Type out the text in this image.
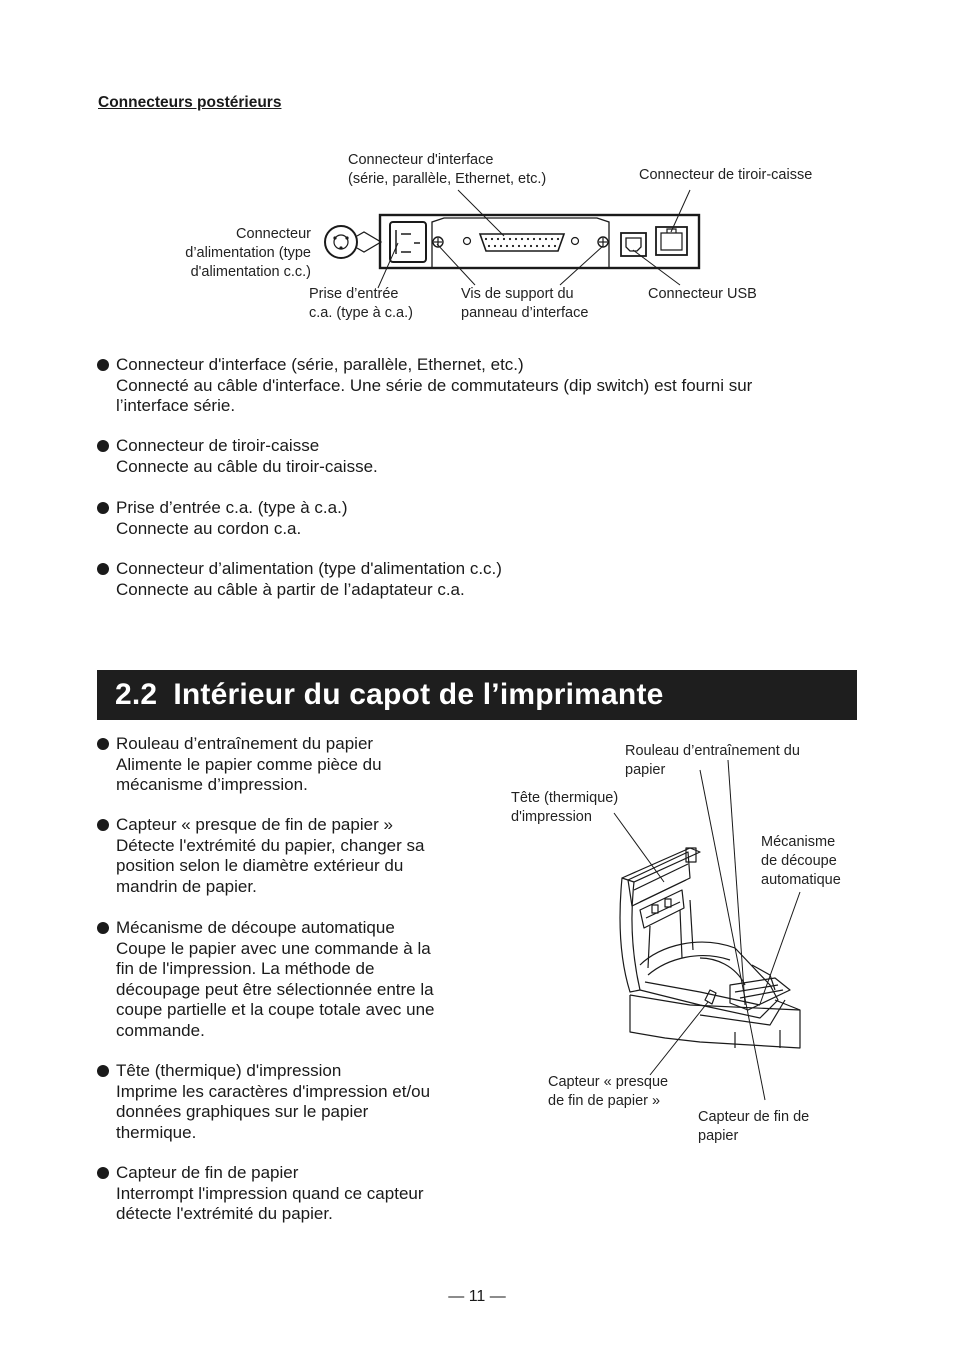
Connecteurs postérieurs
Connecteur d'interface
(série, parallèle, Ethernet, etc.)	Connecteur de tiroir-caisse
Connecteur
d’alimentation (type
d'alimentation c.c.)
Prise d’entrée
c.a. (type à c.a.)
Vis de support du
panneau d’interface
Connecteur USB
Connecteur d'interface (série, parallèle, Ethernet, etc.)
Connecté au câble d'interface. Une série de commutateurs (dip switch) est fourni sur
l’interface série.
Connecteur de tiroir-caisse
Connecte au câble du tiroir-caisse.
Prise d’entrée c.a. (type à c.a.)
Connecte au cordon c.a.
Connecteur d’alimentation (type d'alimentation c.c.)
Connecte au câble à partir de l’adaptateur c.a.
2.2 Intérieur du capot de l’imprimante
Rouleau d’entraînement du papier
Alimente le papier comme pièce du
mécanisme d’impression.
Capteur « presque de fin de papier »
Détecte l'extrémité du papier, changer sa
position selon le diamètre extérieur du
mandrin de papier.
Mécanisme de découpe automatique
Coupe le papier avec une commande à la
fin de l'impression. La méthode de
découpage peut être sélectionnée entre la
coupe partielle et la coupe totale avec une
commande.
Tête (thermique) d'impression
Imprime les caractères d'impression et/ou
données graphiques sur le papier
thermique.
Capteur de fin de papier
Interrompt l'impression quand ce capteur
détecte l'extrémité du papier.
Rouleau d’entraînement du
papier
Tête (thermique)
d'impression
Mécanisme
de découpe
automatique
Capteur « presque
de fin de papier »
Capteur de fin de
papier
— 11 —
